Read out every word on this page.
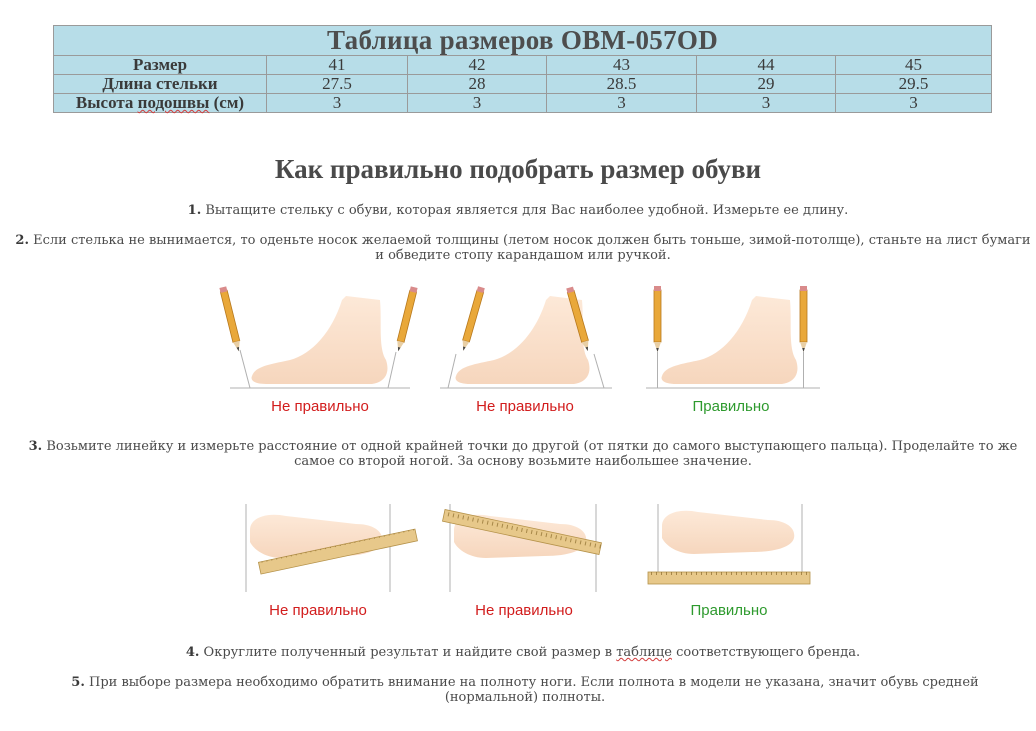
Таблица размеров OBM-057OD					
Размер	41	42	43	44	45
Длина стельки	27.5	28	28.5	29	29.5
Высота подошвы (см)	3	3	3	3	3
Как правильно подобрать размер обуви

1. Вытащите стельку с обуви, которая является для Вас наиболее удобной. Измерьте ее длину.

2. Если стелька не вынимается, то оденьте носок желаемой толщины (летом носок должен быть тоньше, зимой-потолще), станьте на лист бумаги и обведите стопу карандашом или ручкой.

Не правильно	Не правильно	Правильно

3. Возьмите линейку и измерьте расстояние от одной крайней точки до другой (от пятки до самого выступающего пальца). Проделайте то же самое со второй ногой. За основу возьмите наибольшее значение.

Не правильно	Не правильно	Правильно

4. Округлите полученный результат и найдите свой размер в таблице соответствующего бренда.

5. При выборе размера необходимо обратить внимание на полноту ноги. Если полнота в модели не указана, значит обувь средней (нормальной) полноты.
